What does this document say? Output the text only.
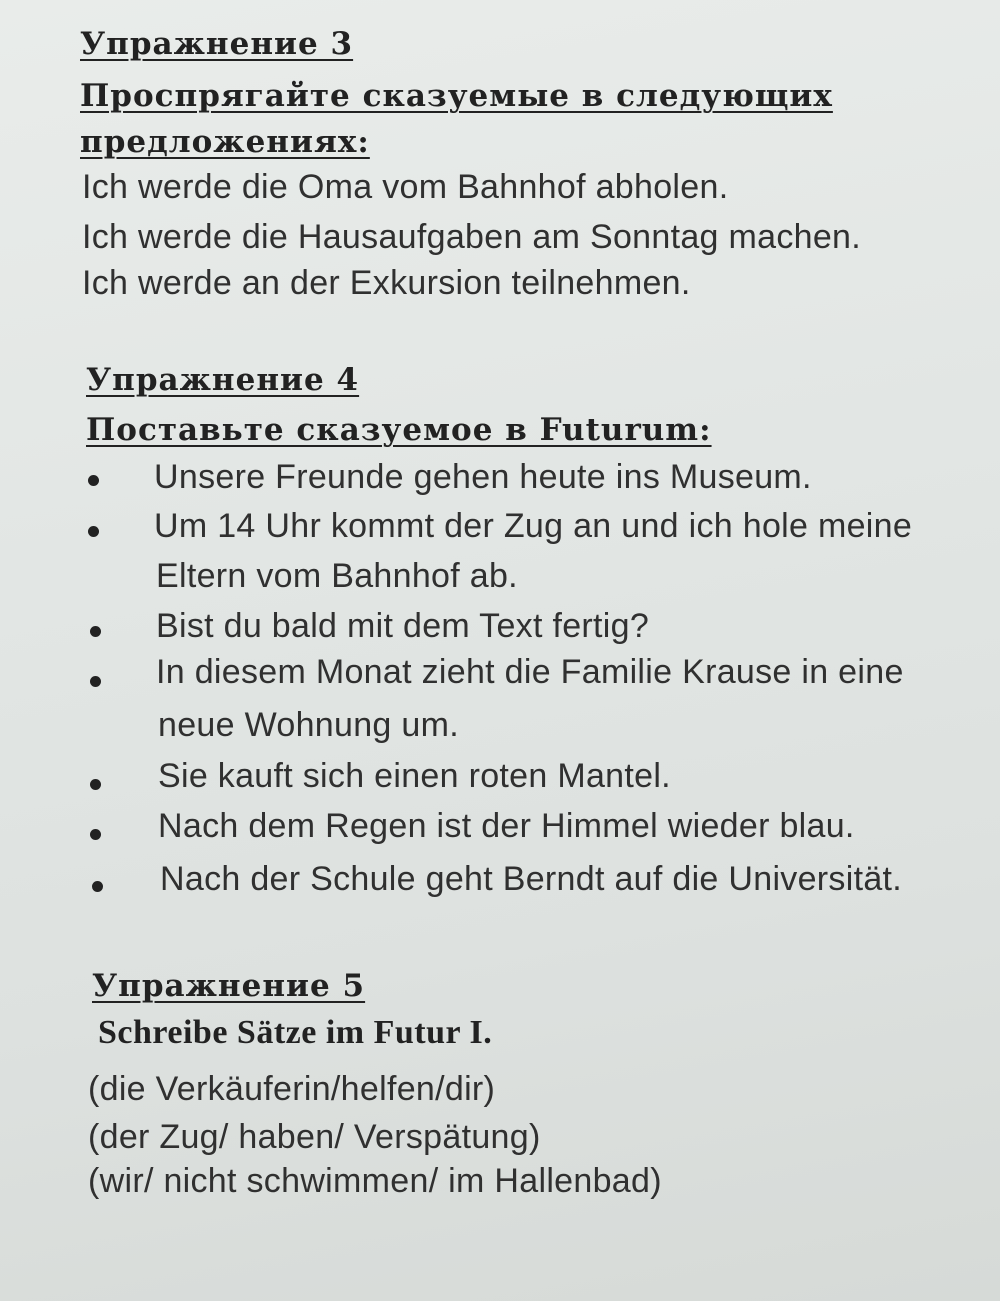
Упражнение 3
Проспрягайте сказуемые в следующих
предложениях:
Ich werde die Oma vom Bahnhof abholen.
Ich werde die Hausaufgaben am Sonntag machen.
Ich werde an der Exkursion teilnehmen.
Упражнение 4
Поставьте сказуемое в Futurum:
Unsere Freunde gehen heute ins Museum.
Um 14 Uhr kommt der Zug an und ich hole meine
Eltern vom Bahnhof ab.
Bist du bald mit dem Text fertig?
In diesem Monat zieht die Familie Krause in eine
neue Wohnung um.
Sie kauft sich einen roten Mantel.
Nach dem Regen ist der Himmel wieder blau.
Nach der Schule geht Berndt auf die Universität.
Упражнение 5
Schreibe Sätze im Futur I.
(die Verkäuferin/helfen/dir)
(der Zug/ haben/ Verspätung)
(wir/ nicht schwimmen/ im Hallenbad)
